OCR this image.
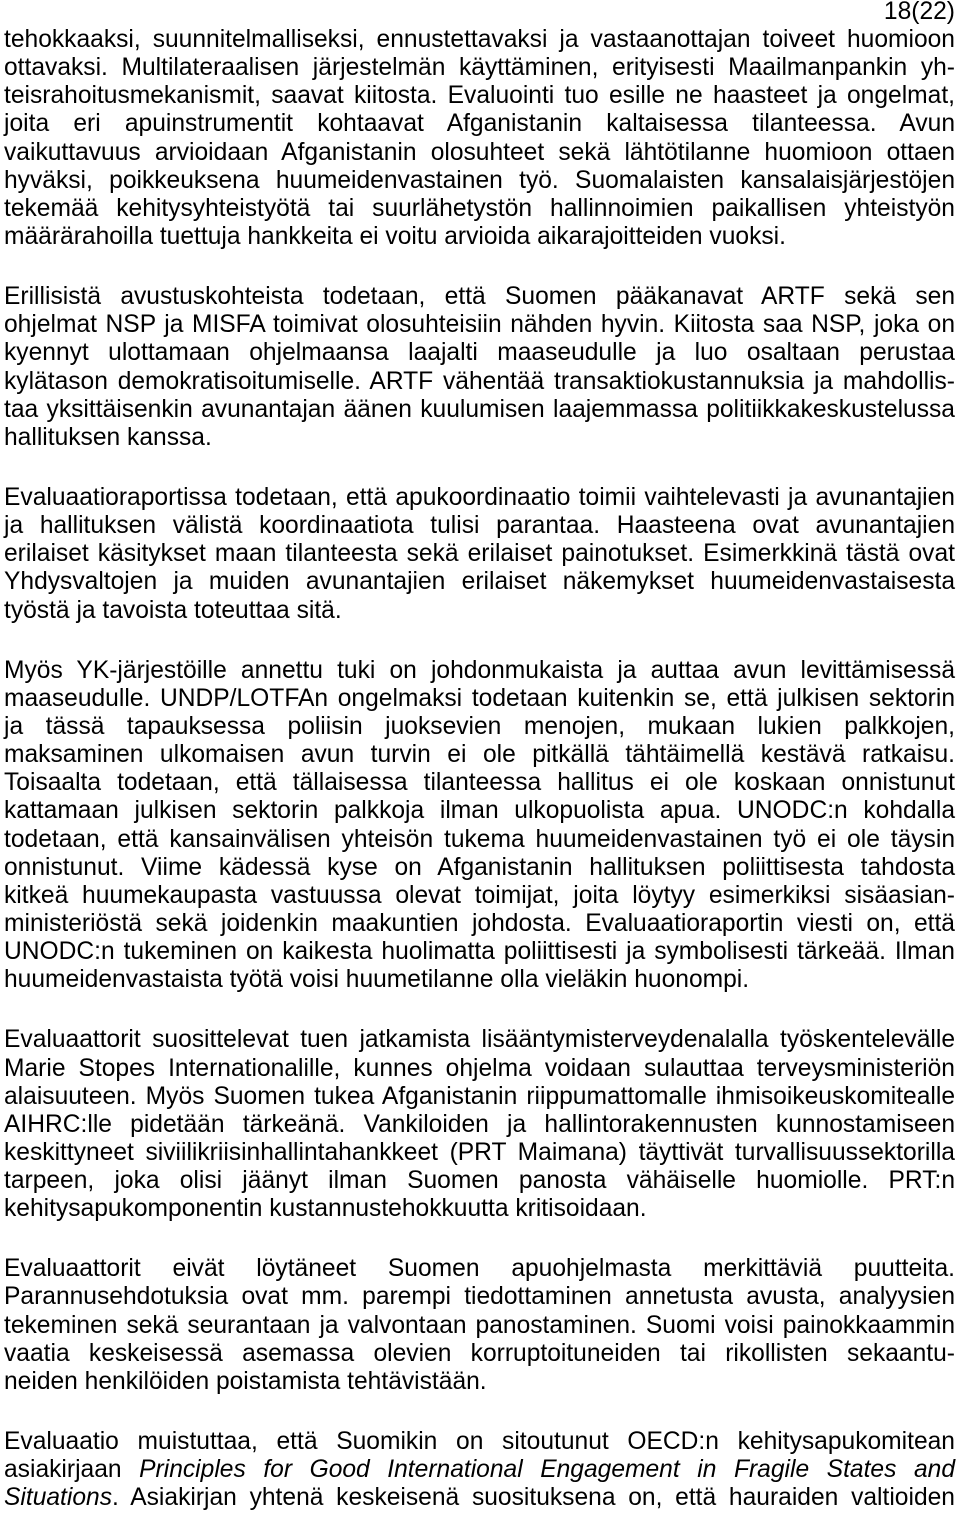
18(22)
tehokkaaksi, suunnitelmalliseksi, ennustettavaksi ja vastaanottajan toiveet huomioon
ottavaksi. Multilateraalisen järjestelmän käyttäminen, erityisesti Maailmanpankin yh-
teisrahoitusmekanismit, saavat kiitosta. Evaluointi tuo esille ne haasteet ja ongelmat,
joita eri apuinstrumentit kohtaavat Afganistanin kaltaisessa tilanteessa. Avun
vaikuttavuus arvioidaan Afganistanin olosuhteet sekä lähtötilanne huomioon ottaen
hyväksi, poikkeuksena huumeidenvastainen työ. Suomalaisten kansalaisjärjestöjen
tekemää kehitysyhteistyötä tai suurlähetystön hallinnoimien paikallisen yhteistyön
määrärahoilla tuettuja hankkeita ei voitu arvioida aikarajoitteiden vuoksi.
Erillisistä avustuskohteista todetaan, että Suomen pääkanavat ARTF sekä sen
ohjelmat NSP ja MISFA toimivat olosuhteisiin nähden hyvin. Kiitosta saa NSP, joka on
kyennyt ulottamaan ohjelmaansa laajalti maaseudulle ja luo osaltaan perustaa
kylätason demokratisoitumiselle. ARTF vähentää transaktiokustannuksia ja mahdollis-
taa yksittäisenkin avunantajan äänen kuulumisen laajemmassa politiikkakeskustelussa
hallituksen kanssa.
Evaluaatioraportissa todetaan, että apukoordinaatio toimii vaihtelevasti ja avunantajien
ja hallituksen välistä koordinaatiota tulisi parantaa. Haasteena ovat avunantajien
erilaiset käsitykset maan tilanteesta sekä erilaiset painotukset. Esimerkkinä tästä ovat
Yhdysvaltojen ja muiden avunantajien erilaiset näkemykset huumeidenvastaisesta
työstä ja tavoista toteuttaa sitä.
Myös YK-järjestöille annettu tuki on johdonmukaista ja auttaa avun levittämisessä
maaseudulle. UNDP/LOTFAn ongelmaksi todetaan kuitenkin se, että julkisen sektorin
ja tässä tapauksessa poliisin juoksevien menojen, mukaan lukien palkkojen,
maksaminen ulkomaisen avun turvin ei ole pitkällä tähtäimellä kestävä ratkaisu.
Toisaalta todetaan, että tällaisessa tilanteessa hallitus ei ole koskaan onnistunut
kattamaan julkisen sektorin palkkoja ilman ulkopuolista apua. UNODC:n kohdalla
todetaan, että kansainvälisen yhteisön tukema huumeidenvastainen työ ei ole täysin
onnistunut. Viime kädessä kyse on Afganistanin hallituksen poliittisesta tahdosta
kitkeä huumekaupasta vastuussa olevat toimijat, joita löytyy esimerkiksi sisäasian-
ministeriöstä sekä joidenkin maakuntien johdosta. Evaluaatioraportin viesti on, että
UNODC:n tukeminen on kaikesta huolimatta poliittisesti ja symbolisesti tärkeää. Ilman
huumeidenvastaista työtä voisi huumetilanne olla vieläkin huonompi.
Evaluaattorit suosittelevat tuen jatkamista lisääntymisterveydenalalla työskentelevälle
Marie Stopes Internationalille, kunnes ohjelma voidaan sulauttaa terveysministeriön
alaisuuteen. Myös Suomen tukea Afganistanin riippumattomalle ihmisoikeuskomitealle
AIHRC:lle pidetään tärkeänä. Vankiloiden ja hallintorakennusten kunnostamiseen
keskittyneet siviilikriisinhallintahankkeet (PRT Maimana) täyttivät turvallisuussektorilla
tarpeen, joka olisi jäänyt ilman Suomen panosta vähäiselle huomiolle. PRT:n
kehitysapukomponentin kustannustehokkuutta kritisoidaan.
Evaluaattorit eivät löytäneet Suomen apuohjelmasta merkittäviä puutteita.
Parannusehdotuksia ovat mm. parempi tiedottaminen annetusta avusta, analyysien
tekeminen sekä seurantaan ja valvontaan panostaminen. Suomi voisi painokkaammin
vaatia keskeisessä asemassa olevien korruptoituneiden tai rikollisten sekaantu-
neiden henkilöiden poistamista tehtävistään.
Evaluaatio muistuttaa, että Suomikin on sitoutunut OECD:n kehitysapukomitean
asiakirjaan Principles for Good International Engagement in Fragile States and
Situations. Asiakirjan yhtenä keskeisenä suosituksena on, että hauraiden valtioiden
